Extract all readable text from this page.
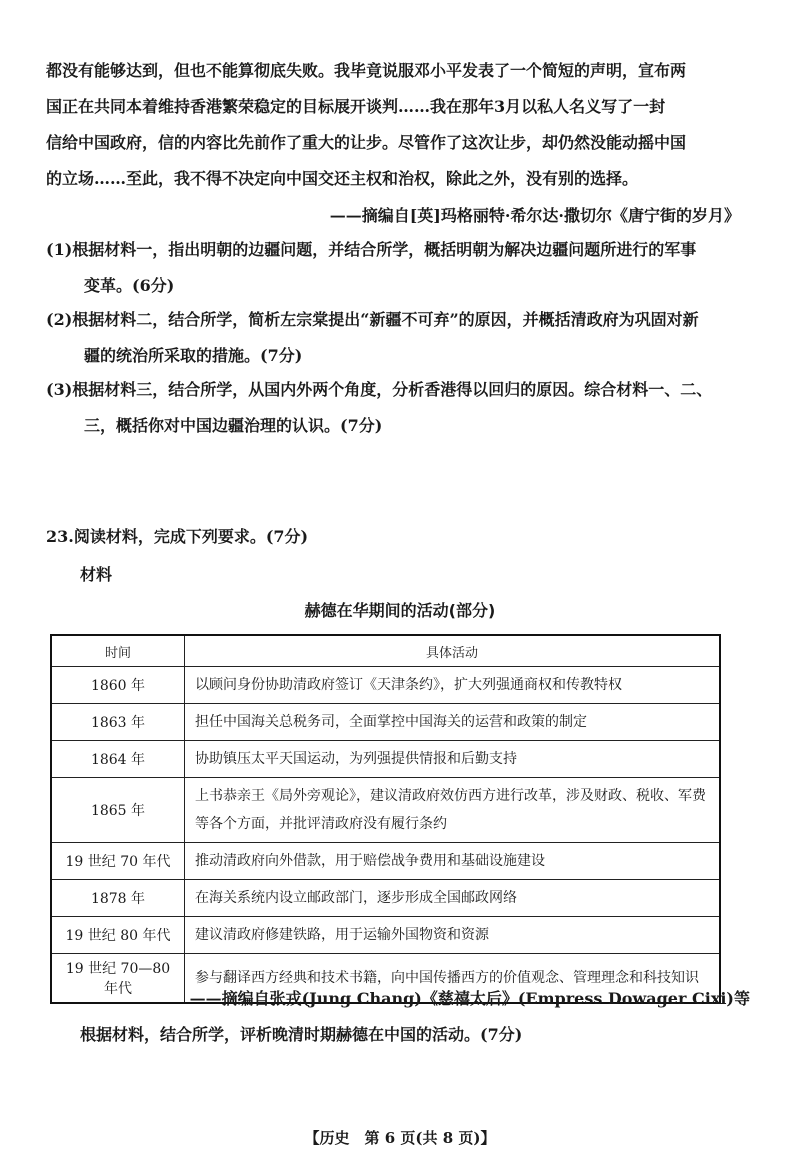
都没有能够达到，但也不能算彻底失败。我毕竟说服邓小平发表了一个简短的声明，宣布两
国正在共同本着维持香港繁荣稳定的目标展开谈判……我在那年3月以私人名义写了一封
信给中国政府，信的内容比先前作了重大的让步。尽管作了这次让步，却仍然没能动摇中国
的立场……至此，我不得不决定向中国交还主权和治权，除此之外，没有别的选择。
——摘编自[英]玛格丽特·希尔达·撒切尔《唐宁街的岁月》
(1)根据材料一，指出明朝的边疆问题，并结合所学，概括明朝为解决边疆问题所进行的军事
变革。(6分)
(2)根据材料二，结合所学，简析左宗棠提出“新疆不可弃”的原因，并概括清政府为巩固对新
疆的统治所采取的措施。(7分)
(3)根据材料三，结合所学，从国内外两个角度，分析香港得以回归的原因。综合材料一、二、
三，概括你对中国边疆治理的认识。(7分)
23.阅读材料，完成下列要求。(7分)
材料
赫德在华期间的活动(部分)
时间	具体活动
1860 年	以顾问身份协助清政府签订《天津条约》，扩大列强通商权和传教特权
1863 年	担任中国海关总税务司，全面掌控中国海关的运营和政策的制定
1864 年	协助镇压太平天国运动，为列强提供情报和后勤支持
1865 年	上书恭亲王《局外旁观论》，建议清政府效仿西方进行改革，涉及财政、税收、军费等各个方面，并批评清政府没有履行条约
19 世纪 70 年代	推动清政府向外借款，用于赔偿战争费用和基础设施建设
1878 年	在海关系统内设立邮政部门，逐步形成全国邮政网络
19 世纪 80 年代	建议清政府修建铁路，用于运输外国物资和资源
19 世纪 70—80 年代	参与翻译西方经典和技术书籍，向中国传播西方的价值观念、管理理念和科技知识
——摘编自张戎(Jung Chang)《慈禧太后》(Empress Dowager Cixi)等
根据材料，结合所学，评析晚清时期赫德在中国的活动。(7分)
【历史　第 6 页(共 8 页)】
